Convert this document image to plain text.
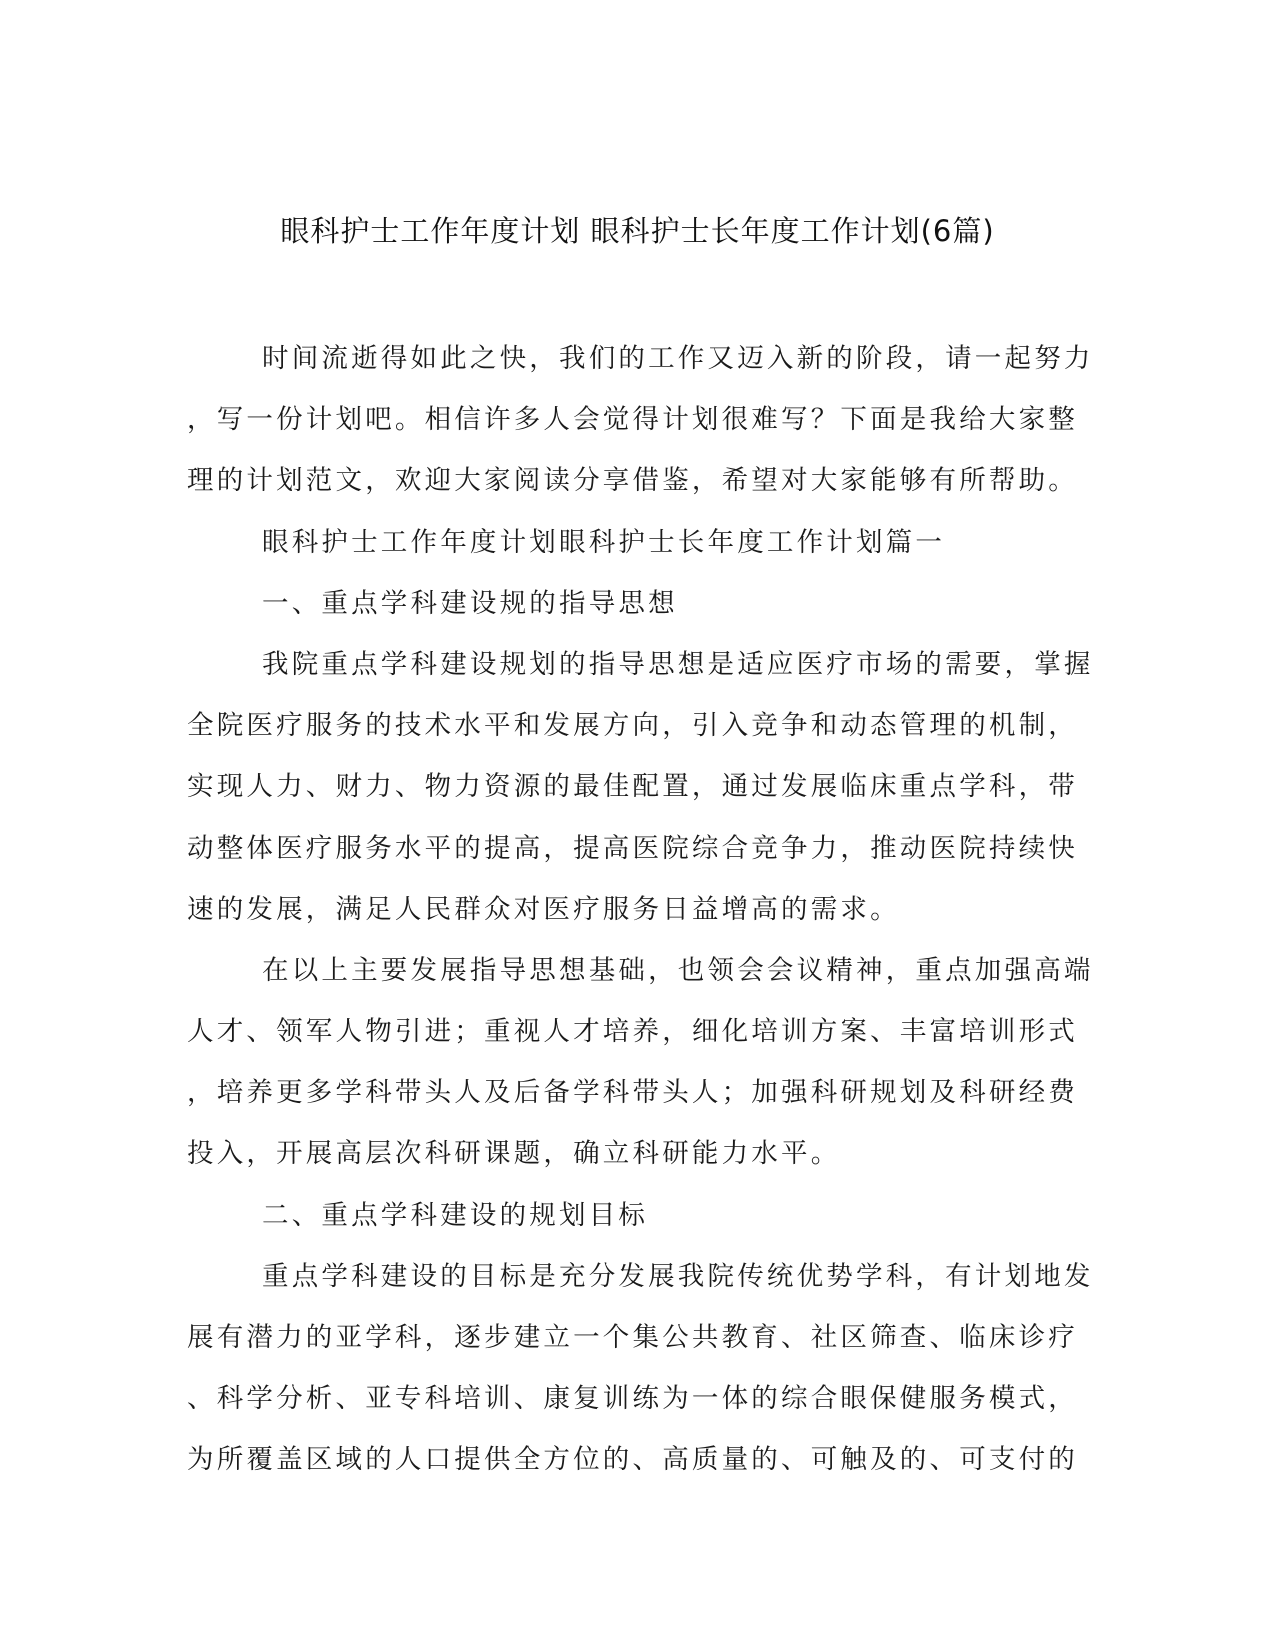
眼科护士工作年度计划 眼科护士长年度工作计划(6篇)
时间流逝得如此之快，我们的工作又迈入新的阶段，请一起努力
，写一份计划吧。相信许多人会觉得计划很难写？下面是我给大家整
理的计划范文，欢迎大家阅读分享借鉴，希望对大家能够有所帮助。
眼科护士工作年度计划眼科护士长年度工作计划篇一
一、重点学科建设规的指导思想
我院重点学科建设规划的指导思想是适应医疗市场的需要，掌握
全院医疗服务的技术水平和发展方向，引入竞争和动态管理的机制，
实现人力、财力、物力资源的最佳配置，通过发展临床重点学科，带
动整体医疗服务水平的提高，提高医院综合竞争力，推动医院持续快
速的发展，满足人民群众对医疗服务日益增高的需求。
在以上主要发展指导思想基础，也领会会议精神，重点加强高端
人才、领军人物引进；重视人才培养，细化培训方案、丰富培训形式
，培养更多学科带头人及后备学科带头人；加强科研规划及科研经费
投入，开展高层次科研课题，确立科研能力水平。
二、重点学科建设的规划目标
重点学科建设的目标是充分发展我院传统优势学科，有计划地发
展有潜力的亚学科，逐步建立一个集公共教育、社区筛查、临床诊疗
、科学分析、亚专科培训、康复训练为一体的综合眼保健服务模式，
为所覆盖区域的人口提供全方位的、高质量的、可触及的、可支付的
